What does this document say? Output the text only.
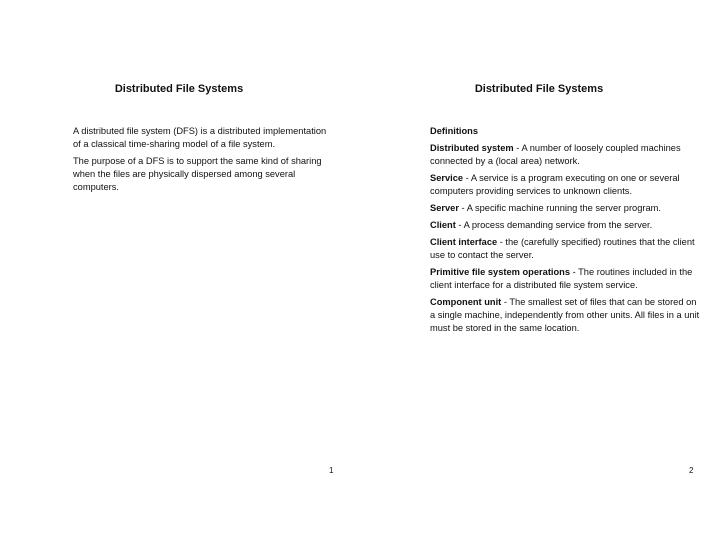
Distributed File Systems

A distributed file system (DFS) is a distributed implementation of a classical time-sharing model of a file system.

The purpose of a DFS is to support the same kind of sharing when the files are physically dispersed among several computers.

1
Distributed File Systems

Definitions

Distributed system - A number of loosely coupled machines connected by a (local area) network.

Service - A service is a program executing on one or several computers providing services to unknown clients.

Server - A specific machine running the server program.

Client - A process demanding service from the server.

Client interface - the (carefully specified) routines that the client use to contact the server.

Primitive file system operations - The routines included in the client interface for a distributed file system service.

Component unit - The smallest set of files that can be stored on a single machine, independently from other units. All files in a unit must be stored in the same location.

2
